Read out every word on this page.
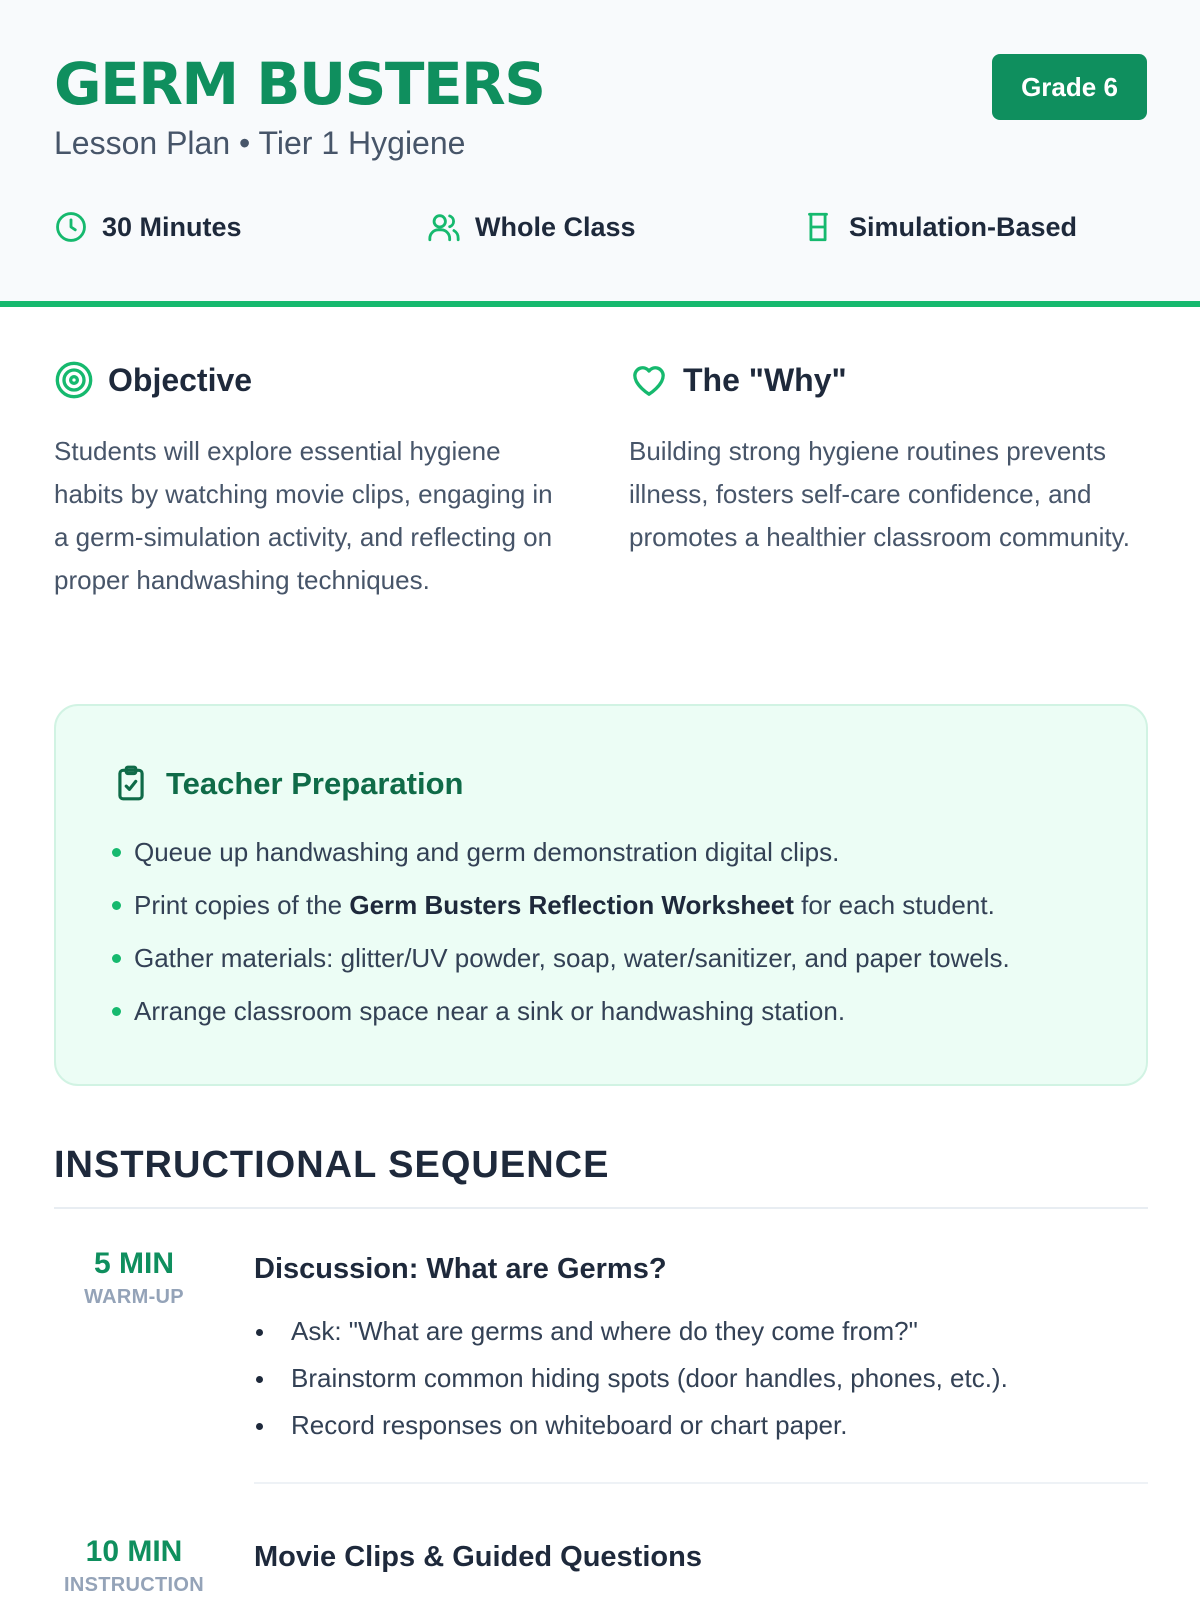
GERM BUSTERS
Lesson Plan • Tier 1 Hygiene
Grade 6
30 Minutes	Whole Class	Simulation-Based
Objective

Students will explore essential hygiene habits by watching movie clips, engaging in a germ-simulation activity, and reflecting on proper handwashing techniques.

The "Why"

Building strong hygiene routines prevents illness, fosters self-care confidence, and promotes a healthier classroom community.

Teacher Preparation
Queue up handwashing and germ demonstration digital clips.
Print copies of the Germ Busters Reflection Worksheet for each student.
Gather materials: glitter/UV powder, soap, water/sanitizer, and paper towels.
Arrange classroom space near a sink or handwashing station.
INSTRUCTIONAL SEQUENCE
5 MIN
WARM-UP
Discussion: What are Germs?
Ask: "What are germs and where do they come from?"
Brainstorm common hiding spots (door handles, phones, etc.).
Record responses on whiteboard or chart paper.
10 MIN
INSTRUCTION
Movie Clips & Guided Questions
